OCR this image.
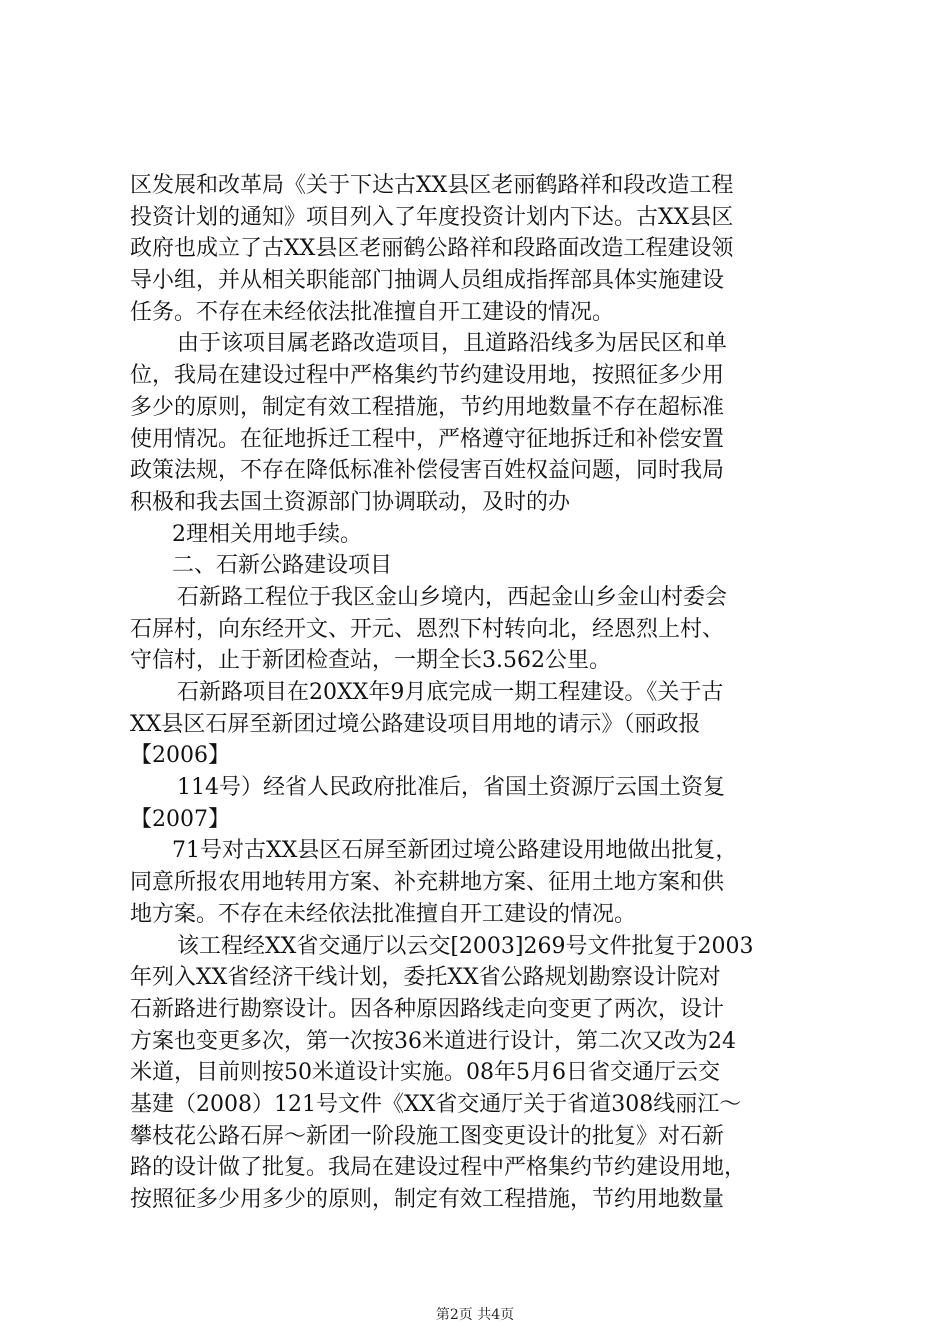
区发展和改革局《关于下达古XX县区老丽鹤路祥和段改造工程
投资计划的通知》项目列入了年度投资计划内下达。古XX县区
政府也成立了古XX县区老丽鹤公路祥和段路面改造工程建设领
导小组，并从相关职能部门抽调人员组成指挥部具体实施建设
任务。不存在未经依法批准擅自开工建设的情况。
由于该项目属老路改造项目，且道路沿线多为居民区和单
位，我局在建设过程中严格集约节约建设用地，按照征多少用
多少的原则，制定有效工程措施，节约用地数量不存在超标准
使用情况。在征地拆迁工程中，严格遵守征地拆迁和补偿安置
政策法规，不存在降低标准补偿侵害百姓权益问题，同时我局
积极和我去国土资源部门协调联动，及时的办
2理相关用地手续。
二、石新公路建设项目
石新路工程位于我区金山乡境内，西起金山乡金山村委会
石屏村，向东经开文、开元、恩烈下村转向北，经恩烈上村、
守信村，止于新团检查站，一期全长3.562公里。
石新路项目在20XX年9月底完成一期工程建设。《关于古
XX县区石屏至新团过境公路建设项目用地的请示》（丽政报
【2006】
114号）经省人民政府批准后，省国土资源厅云国土资复
【2007】
71号对古XX县区石屏至新团过境公路建设用地做出批复，
同意所报农用地转用方案、补充耕地方案、征用土地方案和供
地方案。不存在未经依法批准擅自开工建设的情况。
该工程经XX省交通厅以云交[2003]269号文件批复于2003
年列入XX省经济干线计划，委托XX省公路规划勘察设计院对
石新路进行勘察设计。因各种原因路线走向变更了两次，设计
方案也变更多次，第一次按36米道进行设计，第二次又改为24
米道，目前则按50米道设计实施。08年5月6日省交通厅云交
基建（2008）121号文件《XX省交通厅关于省道308线丽江～
攀枝花公路石屏～新团一阶段施工图变更设计的批复》对石新
路的设计做了批复。我局在建设过程中严格集约节约建设用地，
按照征多少用多少的原则，制定有效工程措施，节约用地数量
第2页 共4页
